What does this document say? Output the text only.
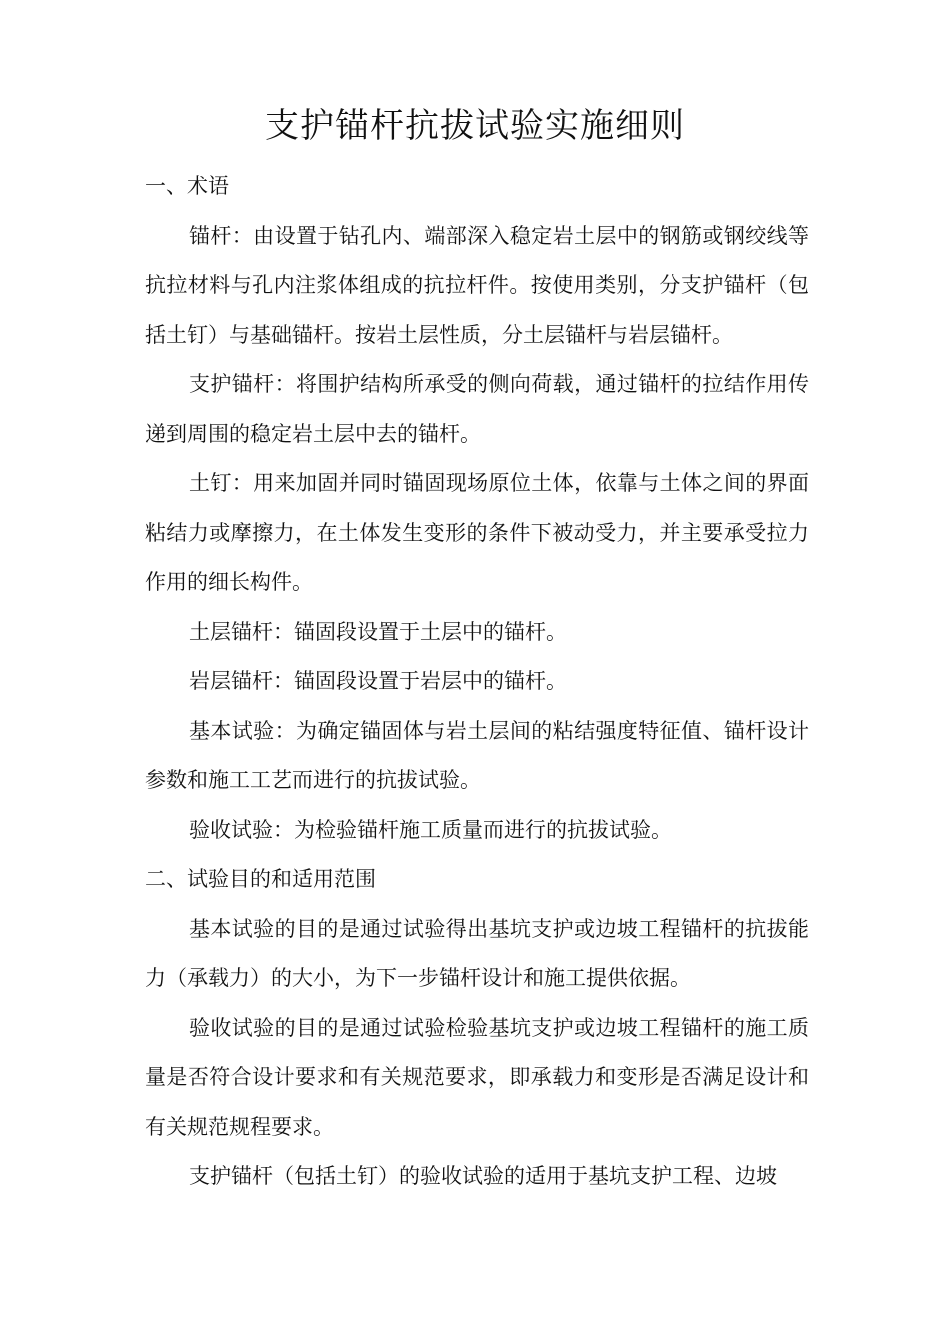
支护锚杆抗拔试验实施细则

一、术语

锚杆：由设置于钻孔内、端部深入稳定岩土层中的钢筋或钢绞线等抗拉材料与孔内注浆体组成的抗拉杆件。按使用类别，分支护锚杆（包括土钉）与基础锚杆。按岩土层性质，分土层锚杆与岩层锚杆。

支护锚杆：将围护结构所承受的侧向荷载，通过锚杆的拉结作用传递到周围的稳定岩土层中去的锚杆。

土钉：用来加固并同时锚固现场原位土体，依靠与土体之间的界面粘结力或摩擦力，在土体发生变形的条件下被动受力，并主要承受拉力作用的细长构件。

土层锚杆：锚固段设置于土层中的锚杆。

岩层锚杆：锚固段设置于岩层中的锚杆。

基本试验：为确定锚固体与岩土层间的粘结强度特征值、锚杆设计参数和施工工艺而进行的抗拔试验。

验收试验：为检验锚杆施工质量而进行的抗拔试验。

二、试验目的和适用范围

基本试验的目的是通过试验得出基坑支护或边坡工程锚杆的抗拔能力（承载力）的大小，为下一步锚杆设计和施工提供依据。

验收试验的目的是通过试验检验基坑支护或边坡工程锚杆的施工质量是否符合设计要求和有关规范要求，即承载力和变形是否满足设计和有关规范规程要求。

支护锚杆（包括土钉）的验收试验的适用于基坑支护工程、边坡
